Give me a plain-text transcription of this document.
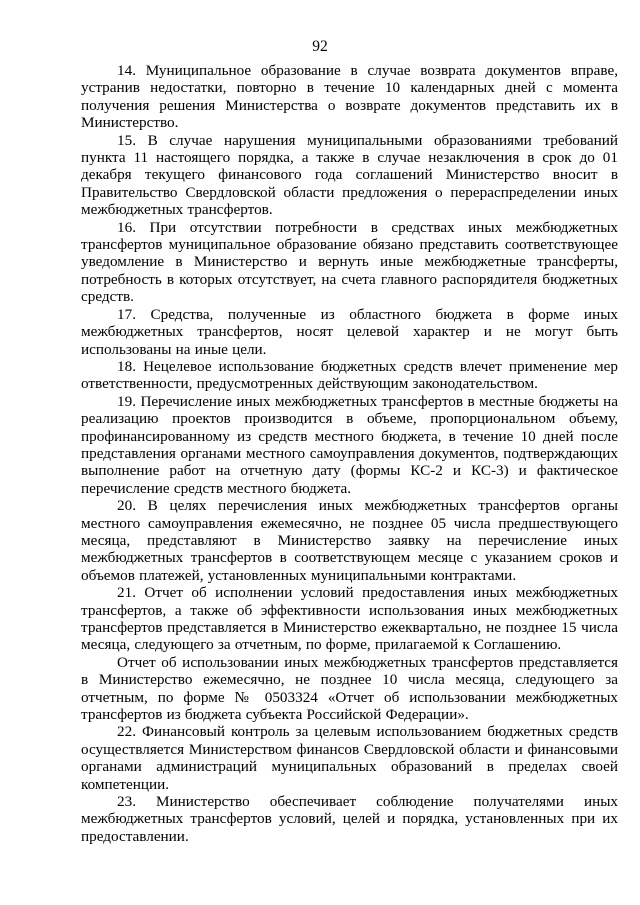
92

14. Муниципальное образование в случае возврата документов вправе, устранив недостатки, повторно в течение 10 календарных дней с момента получения решения Министерства о возврате документов представить их в Министерство.

15. В случае нарушения муниципальными образованиями требований пункта 11 настоящего порядка, а также в случае незаключения в срок до 01 декабря текущего финансового года соглашений Министерство вносит в Правительство Свердловской области предложения о перераспределении иных межбюджетных трансфертов.

16. При отсутствии потребности в средствах иных межбюджетных трансфертов муниципальное образование обязано представить соответствующее уведомление в Министерство и вернуть иные межбюджетные трансферты, потребность в которых отсутствует, на счета главного распорядителя бюджетных средств.

17. Средства, полученные из областного бюджета в форме иных межбюджетных трансфертов, носят целевой характер и не могут быть использованы на иные цели.

18. Нецелевое использование бюджетных средств влечет применение мер ответственности, предусмотренных действующим законодательством.

19. Перечисление иных межбюджетных трансфертов в местные бюджеты на реализацию проектов производится в объеме, пропорциональном объему, профинансированному из средств местного бюджета, в течение 10 дней после представления органами местного самоуправления документов, подтверждающих выполнение работ на отчетную дату (формы КС-2 и КС-3) и фактическое перечисление средств местного бюджета.

20. В целях перечисления иных межбюджетных трансфертов органы местного самоуправления ежемесячно, не позднее 05 числа предшествующего месяца, представляют в Министерство заявку на перечисление иных межбюджетных трансфертов в соответствующем месяце с указанием сроков и объемов платежей, установленных муниципальными контрактами.

21. Отчет об исполнении условий предоставления иных межбюджетных трансфертов, а также об эффективности использования иных межбюджетных трансфертов представляется в Министерство ежеквартально, не позднее 15 числа месяца, следующего за отчетным, по форме, прилагаемой к Соглашению.

Отчет об использовании иных межбюджетных трансфертов представляется в Министерство ежемесячно, не позднее 10 числа месяца, следующего за отчетным, по форме № 0503324 «Отчет об использовании межбюджетных трансфертов из бюджета субъекта Российской Федерации».

22. Финансовый контроль за целевым использованием бюджетных средств осуществляется Министерством финансов Свердловской области и финансовыми органами администраций муниципальных образований в пределах своей компетенции.

23. Министерство обеспечивает соблюдение получателями иных межбюджетных трансфертов условий, целей и порядка, установленных при их предоставлении.
